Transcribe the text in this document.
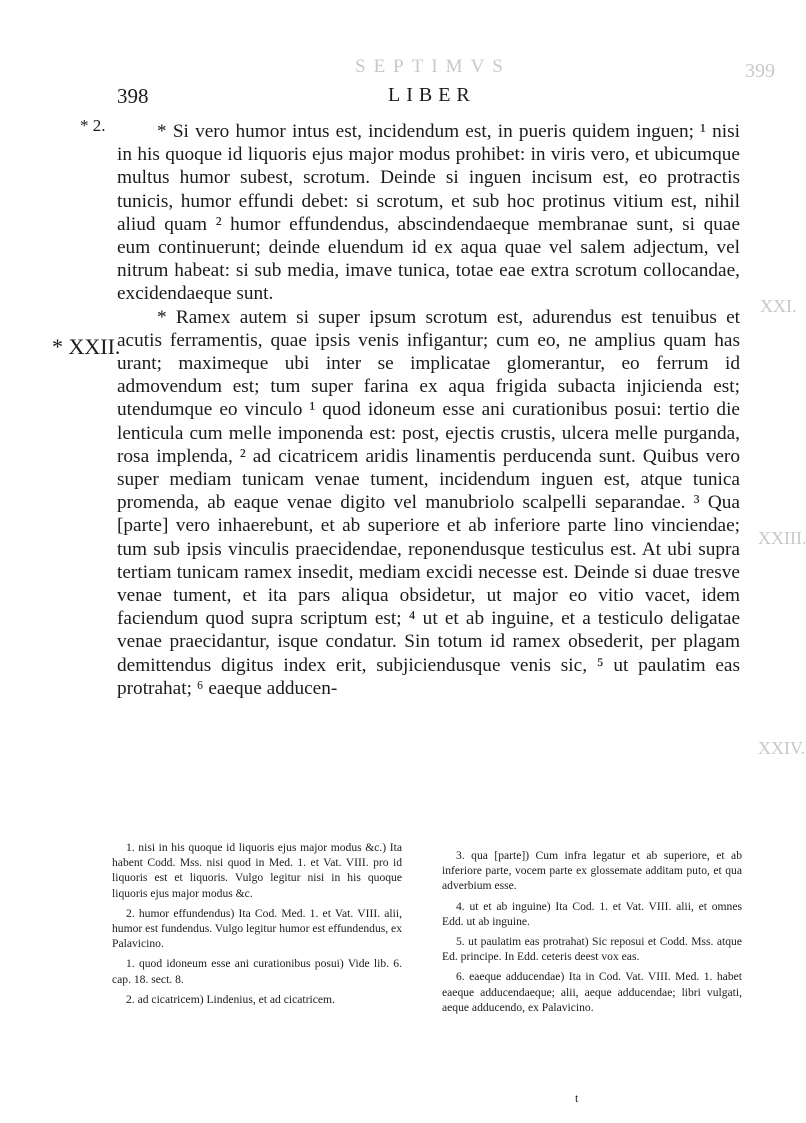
SEPTIMVS	399
XXI.
XXIII.
XXIV.
398	LIBER
* 2.
* XXII.

* Si vero humor intus est, incidendum est, in pueris quidem inguen; ¹ nisi in his quoque id liquoris ejus major modus prohibet: in viris vero, et ubicumque multus humor subest, scrotum. Deinde si inguen incisum est, eo protractis tunicis, humor effundi debet: si scrotum, et sub hoc protinus vitium est, nihil aliud quam ² humor effundendus, abscindendaeque membranae sunt, si quae eum continuerunt; deinde eluendum id ex aqua quae vel salem adjectum, vel nitrum habeat: si sub media, imave tunica, totae eae extra scrotum collocandae, excidendaeque sunt.

* Ramex autem si super ipsum scrotum est, adurendus est tenuibus et acutis ferramentis, quae ipsis venis infigantur; cum eo, ne amplius quam has urant; maximeque ubi inter se implicatae glomerantur, eo ferrum id admovendum est; tum super farina ex aqua frigida subacta injicienda est; utendumque eo vinculo ¹ quod idoneum esse ani curationibus posui: tertio die lenticula cum melle imponenda est: post, ejectis crustis, ulcera melle purganda, rosa implenda, ² ad cicatricem aridis linamentis perducenda sunt. Quibus vero super mediam tunicam venae tument, incidendum inguen est, atque tunica promenda, ab eaque venae digito vel manubriolo scalpelli separandae. ³ Qua [parte] vero inhaerebunt, et ab superiore et ab inferiore parte lino vinciendae; tum sub ipsis vinculis praecidendae, reponendusque testiculus est. At ubi supra tertiam tunicam ramex insedit, mediam excidi necesse est. Deinde si duae tresve venae tument, et ita pars aliqua obsidetur, ut major eo vitio vacet, idem faciendum quod supra scriptum est; ⁴ ut et ab inguine, et a testiculo deligatae venae praecidantur, isque condatur. Sin totum id ramex obsederit, per plagam demittendus digitus index erit, subjiciendusque venis sic, ⁵ ut paulatim eas protrahat; ⁶ eaeque adducen-

1. nisi in his quoque id liquoris ejus major modus &c.) Ita habent Codd. Mss. nisi quod in Med. 1. et Vat. VIII. pro id liquoris est et liquoris. Vulgo legitur nisi in his quoque liquoris ejus major modus &c.

2. humor effundendus) Ita Cod. Med. 1. et Vat. VIII. alii, humor est fundendus. Vulgo legitur humor est effundendus, ex Palavicino.

1. quod idoneum esse ani curationibus posui) Vide lib. 6. cap. 18. sect. 8.

2. ad cicatricem) Lindenius, et ad cicatricem.

3. qua [parte]) Cum infra legatur et ab superiore, et ab inferiore parte, vocem parte ex glossemate additam puto, et qua adverbium esse.

4. ut et ab inguine) Ita Cod. 1. et Vat. VIII. alii, et omnes Edd. ut ab inguine.

5. ut paulatim eas protrahat) Sic reposui et Codd. Mss. atque Ed. principe. In Edd. ceteris deest vox eas.

6. eaeque adducendae) Ita in Cod. Vat. VIII. Med. 1. habet eaeque adducendaeque; alii, aeque adducendae; libri vulgati, aeque adducendo, ex Palavicino.

t
